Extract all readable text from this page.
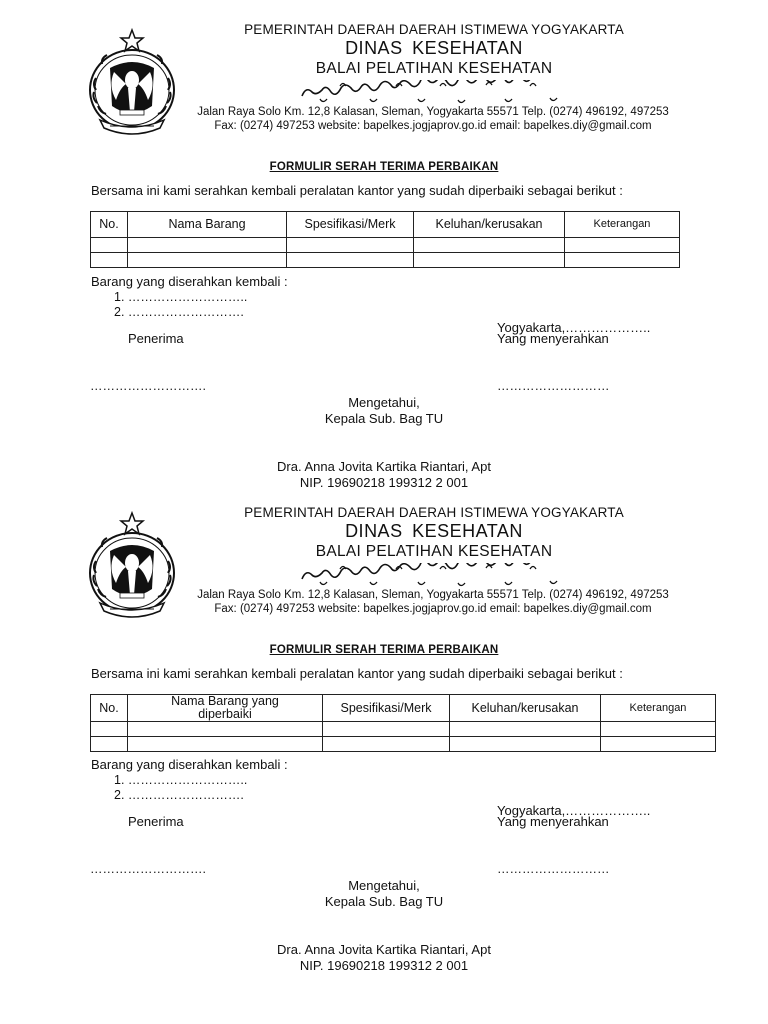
PEMERINTAH DAERAH DAERAH ISTIMEWA YOGYAKARTA
DINAS KESEHATAN
BALAI PELATIHAN KESEHATAN
Jalan Raya Solo Km. 12,8 Kalasan, Sleman, Yogyakarta 55571 Telp. (0274) 496192, 497253
Fax: (0274) 497253 website: bapelkes.jogjaprov.go.id email: bapelkes.diy@gmail.com
FORMULIR SERAH TERIMA PERBAIKAN
Bersama ini kami serahkan kembali peralatan kantor yang sudah diperbaiki sebagai berikut :
No.	Nama Barang	Spesifikasi/Merk	Keluhan/kerusakan	Keterangan

Barang yang diserahkan kembali :
1. ………………………..
2. ……………………….
Yogyakarta,………………..
Penerima	Yang menyerahkan
……………………….	………………………
Mengetahui,
Kepala Sub. Bag TU
Dra. Anna Jovita Kartika Riantari, Apt
NIP. 19690218 199312 2 001
PEMERINTAH DAERAH DAERAH ISTIMEWA YOGYAKARTA
DINAS KESEHATAN
BALAI PELATIHAN KESEHATAN
Jalan Raya Solo Km. 12,8 Kalasan, Sleman, Yogyakarta 55571 Telp. (0274) 496192, 497253
Fax: (0274) 497253 website: bapelkes.jogjaprov.go.id email: bapelkes.diy@gmail.com
FORMULIR SERAH TERIMA PERBAIKAN
Bersama ini kami serahkan kembali peralatan kantor yang sudah diperbaiki sebagai berikut :
No.	Nama Barang yang diperbaiki	Spesifikasi/Merk	Keluhan/kerusakan	Keterangan

Barang yang diserahkan kembali :
1. ………………………..
2. ……………………….
Yogyakarta,………………..
Penerima	Yang menyerahkan
……………………….	………………………
Mengetahui,
Kepala Sub. Bag TU
Dra. Anna Jovita Kartika Riantari, Apt
NIP. 19690218 199312 2 001
